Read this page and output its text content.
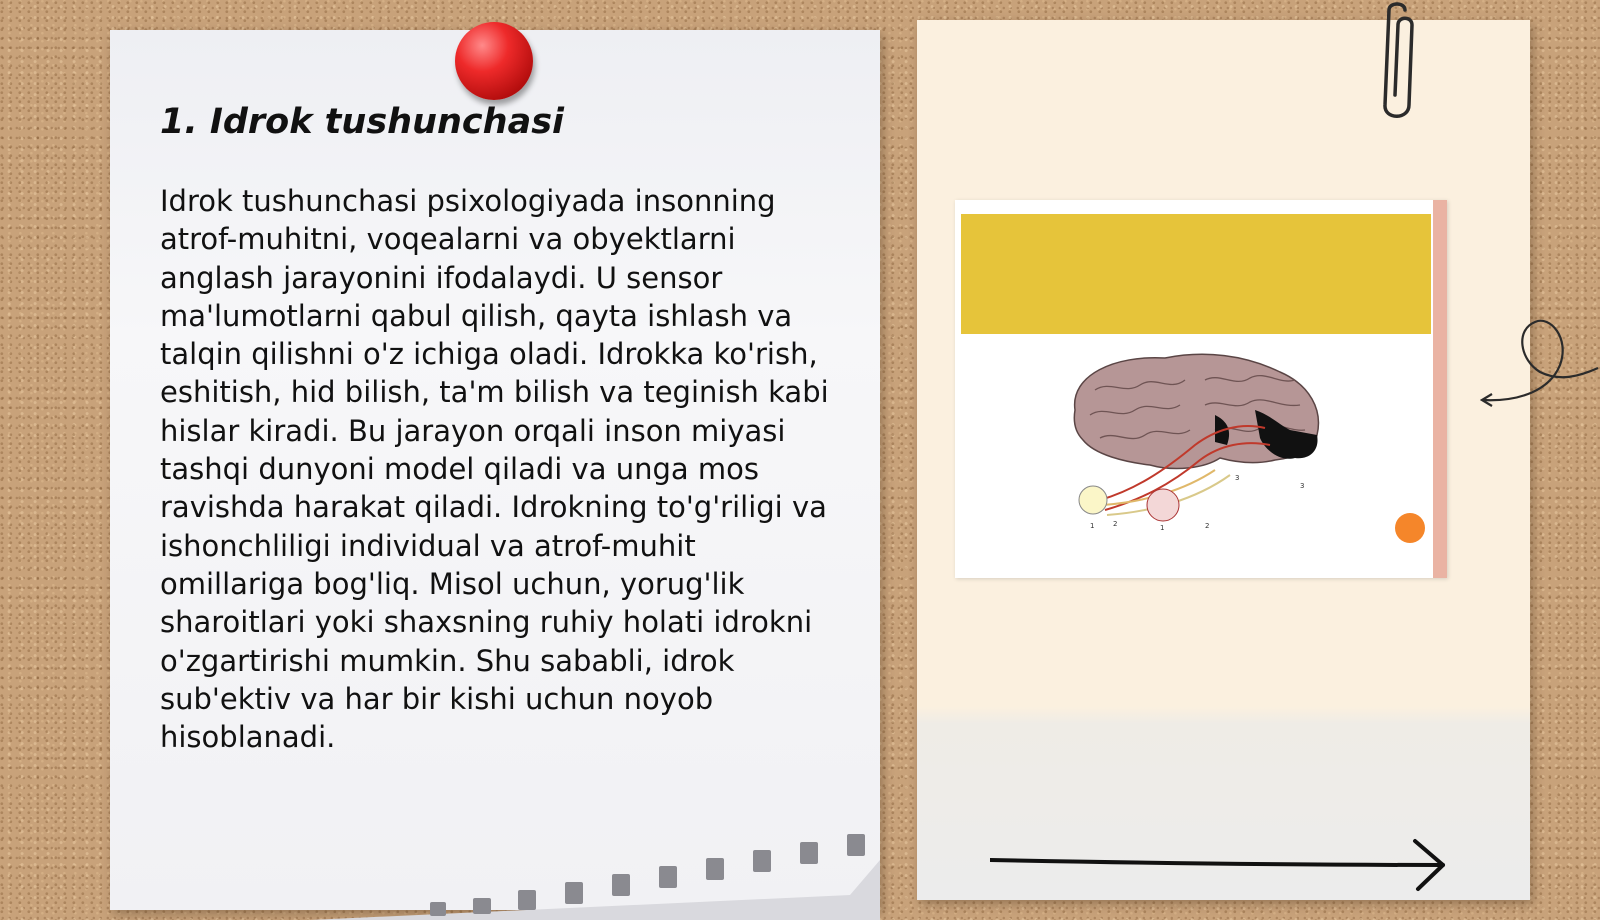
1. Idrok tushunchasi

Idrok tushunchasi psixologiyada insonning atrof-muhitni, voqealarni va obyektlarni anglash jarayonini ifodalaydi. U sensor ma'lumotlarni qabul qilish, qayta ishlash va talqin qilishni o'z ichiga oladi. Idrokka ko'rish, eshitish, hid bilish, ta'm bilish va teginish kabi hislar kiradi. Bu jarayon orqali inson miyasi tashqi dunyoni model qiladi va unga mos ravishda harakat qiladi. Idrokning to'g'riligi va ishonchliligi individual va atrof-muhit omillariga bog'liq. Misol uchun, yorug'lik sharoitlari yoki shaxsning ruhiy holati idrokni o'zgartirishi mumkin. Shu sababli, idrok sub'ektiv va har bir kishi uchun noyob hisoblanadi.

1	2	1	2
3
3
